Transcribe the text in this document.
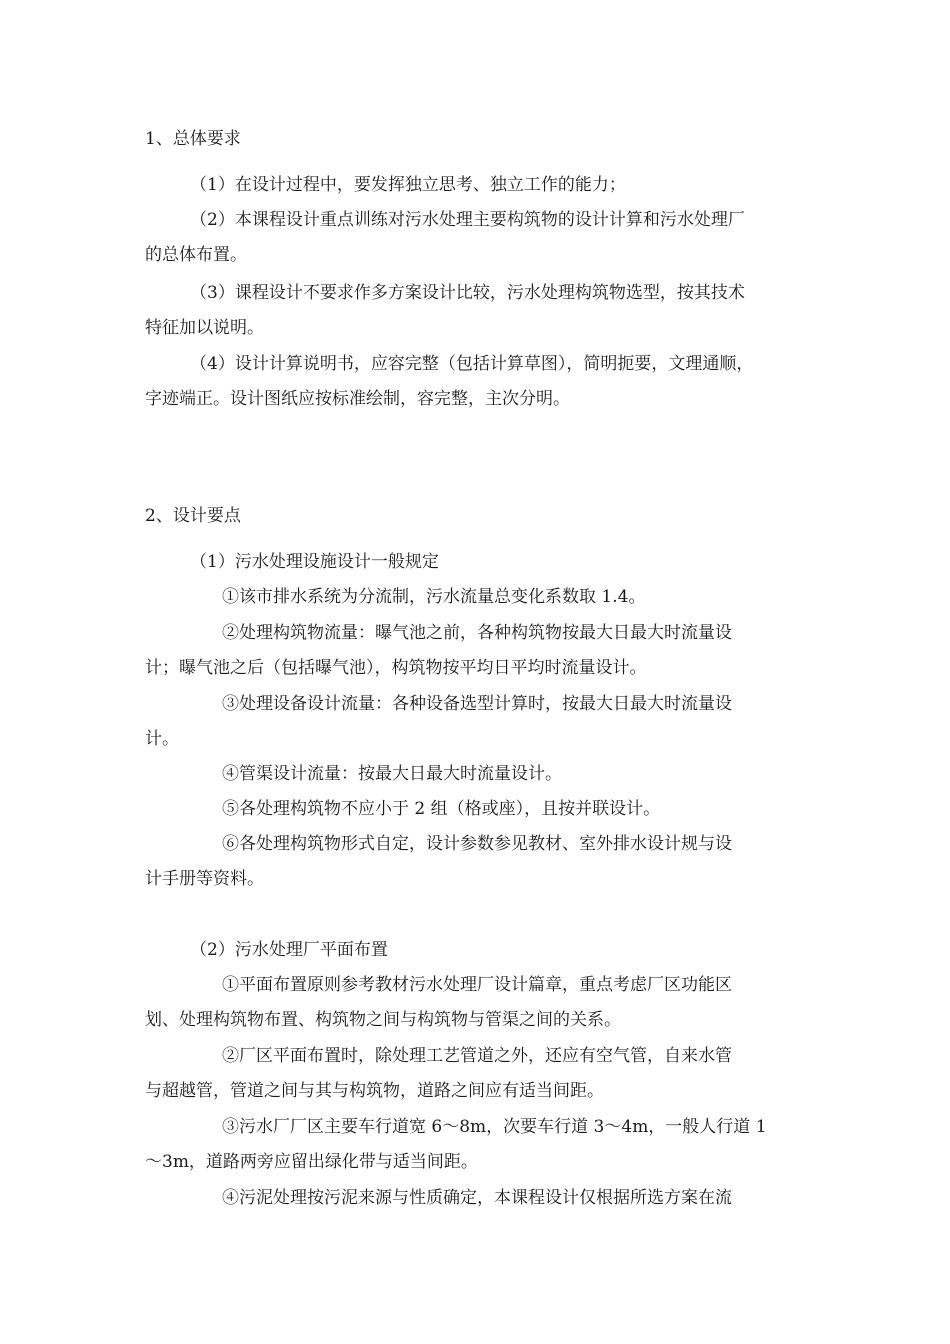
1、总体要求
（1）在设计过程中，要发挥独立思考、独立工作的能力；
（2）本课程设计重点训练对污水处理主要构筑物的设计计算和污水处理厂
的总体布置。
（3）课程设计不要求作多方案设计比较，污水处理构筑物选型，按其技术
特征加以说明。
（4）设计计算说明书，应容完整（包括计算草图），简明扼要，文理通顺，
字迹端正。设计图纸应按标准绘制，容完整，主次分明。
2、设计要点
（1）污水处理设施设计一般规定
①该市排水系统为分流制，污水流量总变化系数取 1.4。
②处理构筑物流量：曝气池之前，各种构筑物按最大日最大时流量设
计；曝气池之后（包括曝气池），构筑物按平均日平均时流量设计。
③处理设备设计流量：各种设备选型计算时，按最大日最大时流量设
计。
④管渠设计流量：按最大日最大时流量设计。
⑤各处理构筑物不应小于 2 组（格或座），且按并联设计。
⑥各处理构筑物形式自定，设计参数参见教材、室外排水设计规与设
计手册等资料。
（2）污水处理厂平面布置
①平面布置原则参考教材污水处理厂设计篇章，重点考虑厂区功能区
划、处理构筑物布置、构筑物之间与构筑物与管渠之间的关系。
②厂区平面布置时，除处理工艺管道之外，还应有空气管，自来水管
与超越管，管道之间与其与构筑物，道路之间应有适当间距。
③污水厂厂区主要车行道宽 6～8m，次要车行道 3～4m，一般人行道 1
～3m，道路两旁应留出绿化带与适当间距。
④污泥处理按污泥来源与性质确定，本课程设计仅根据所选方案在流
